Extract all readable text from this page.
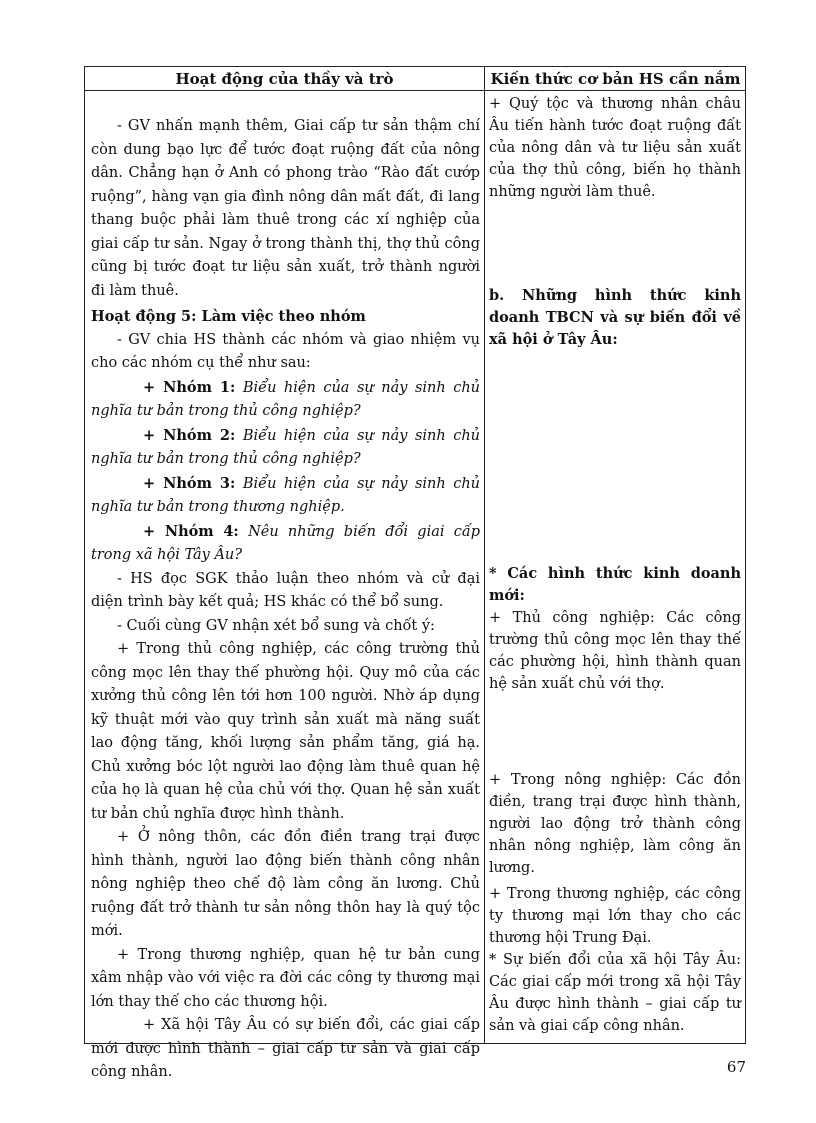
Hoạt động của thầy và trò	Kiến thức cơ bản HS cần nắm

- GV nhấn mạnh thêm, Giai cấp tư sản thậm chí còn dung bạo lực để tước đoạt ruộng đất của nông dân. Chẳng hạn ở Anh có phong trào “Rào đất cướp ruộng”, hàng vạn gia đình nông dân mất đất, đi lang thang buộc phải làm thuê trong các xí nghiệp của giai cấp tư sản. Ngay ở trong thành thị, thợ thủ công cũng bị tước đoạt tư liệu sản xuất, trở thành người đi làm thuê.

Hoạt động 5: Làm việc theo nhóm

- GV chia HS thành các nhóm và giao nhiệm vụ cho các nhóm cụ thể như sau:

+ Nhóm 1: Biểu hiện của sự nảy sinh chủ nghĩa tư bản trong thủ công nghiệp?

+ Nhóm 2: Biểu hiện của sự nảy sinh chủ nghĩa tư bản trong thủ công nghiệp?

+ Nhóm 3: Biểu hiện của sự nảy sinh chủ nghĩa tư bản trong thương nghiệp.

+ Nhóm 4: Nêu những biến đổi giai cấp trong xã hội Tây Âu?

- HS đọc SGK thảo luận theo nhóm và cử đại diện trình bày kết quả; HS khác có thể bổ sung.

- Cuối cùng GV nhận xét bổ sung và chốt ý:

+ Trong thủ công nghiệp, các công trường thủ công mọc lên thay thế phường hội. Quy mô của các xưởng thủ công lên tới hơn 100 người. Nhờ áp dụng kỹ thuật mới vào quy trình sản xuất mà năng suất lao động tăng, khối lượng sản phẩm tăng, giá hạ. Chủ xưởng bóc lột người lao động làm thuê quan hệ của họ là quan hệ của chủ với thợ. Quan hệ sản xuất tư bản chủ nghĩa được hình thành.

+ Ở nông thôn, các đồn điền trang trại được hình thành, người lao động biến thành công nhân nông nghiệp theo chế độ làm công ăn lương. Chủ ruộng đất trở thành tư sản nông thôn hay là quý tộc mới.

+ Trong thương nghiệp, quan hệ tư bản cung xâm nhập vào với việc ra đời các công ty thương mại lớn thay thế cho các thương hội.

+ Xã hội Tây Âu có sự biến đổi, các giai cấp mới được hình thành – giai cấp tư sản và giai cấp công nhân.

+ Quý tộc và thương nhân châu Âu tiến hành tước đoạt ruộng đất của nông dân và tư liệu sản xuất của thợ thủ công, biến họ thành những người làm thuê.

b. Những hình thức kinh doanh TBCN và sự biến đổi về xã hội ở Tây Âu:

* Các hình thức kinh doanh mới:

+ Thủ công nghiệp: Các công trường thủ công mọc lên thay thế các phường hội, hình thành quan hệ sản xuất chủ với thợ.

+ Trong nông nghiệp: Các đồn điền, trang trại được hình thành, người lao động trở thành công nhân nông nghiệp, làm công ăn lương.

+ Trong thương nghiệp, các công ty thương mại lớn thay cho các thương hội Trung Đại.

* Sự biến đổi của xã hội Tây Âu: Các giai cấp mới trong xã hội Tây Âu được hình thành – giai cấp tư sản và giai cấp công nhân.

67
